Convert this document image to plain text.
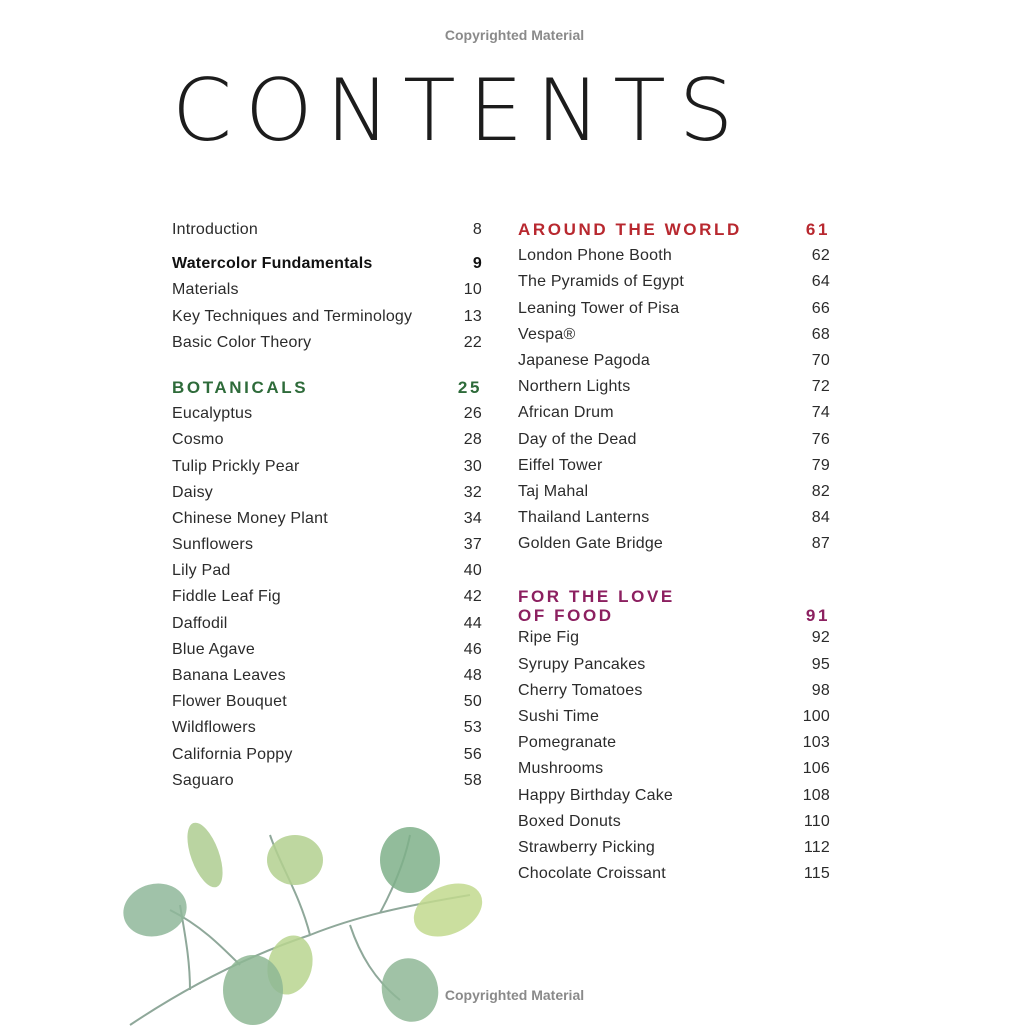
Copyrighted Material
CONTENTS
Introduction	8
Watercolor Fundamentals	9
Materials	10
Key Techniques and Terminology	13
Basic Color Theory	22
BOTANICALS	25
Eucalyptus	26
Cosmo	28
Tulip Prickly Pear	30
Daisy	32
Chinese Money Plant	34
Sunflowers	37
Lily Pad	40
Fiddle Leaf Fig	42
Daffodil	44
Blue Agave	46
Banana Leaves	48
Flower Bouquet	50
Wildflowers	53
California Poppy	56
Saguaro	58
AROUND THE WORLD	61
London Phone Booth	62
The Pyramids of Egypt	64
Leaning Tower of Pisa	66
Vespa®	68
Japanese Pagoda	70
Northern Lights	72
African Drum	74
Day of the Dead	76
Eiffel Tower	79
Taj Mahal	82
Thailand Lanterns	84
Golden Gate Bridge	87
FOR THE LOVE
OF FOOD	91
Ripe Fig	92
Syrupy Pancakes	95
Cherry Tomatoes	98
Sushi Time	100
Pomegranate	103
Mushrooms	106
Happy Birthday Cake	108
Boxed Donuts	110
Strawberry Picking	112
Chocolate Croissant	115
Copyrighted Material
